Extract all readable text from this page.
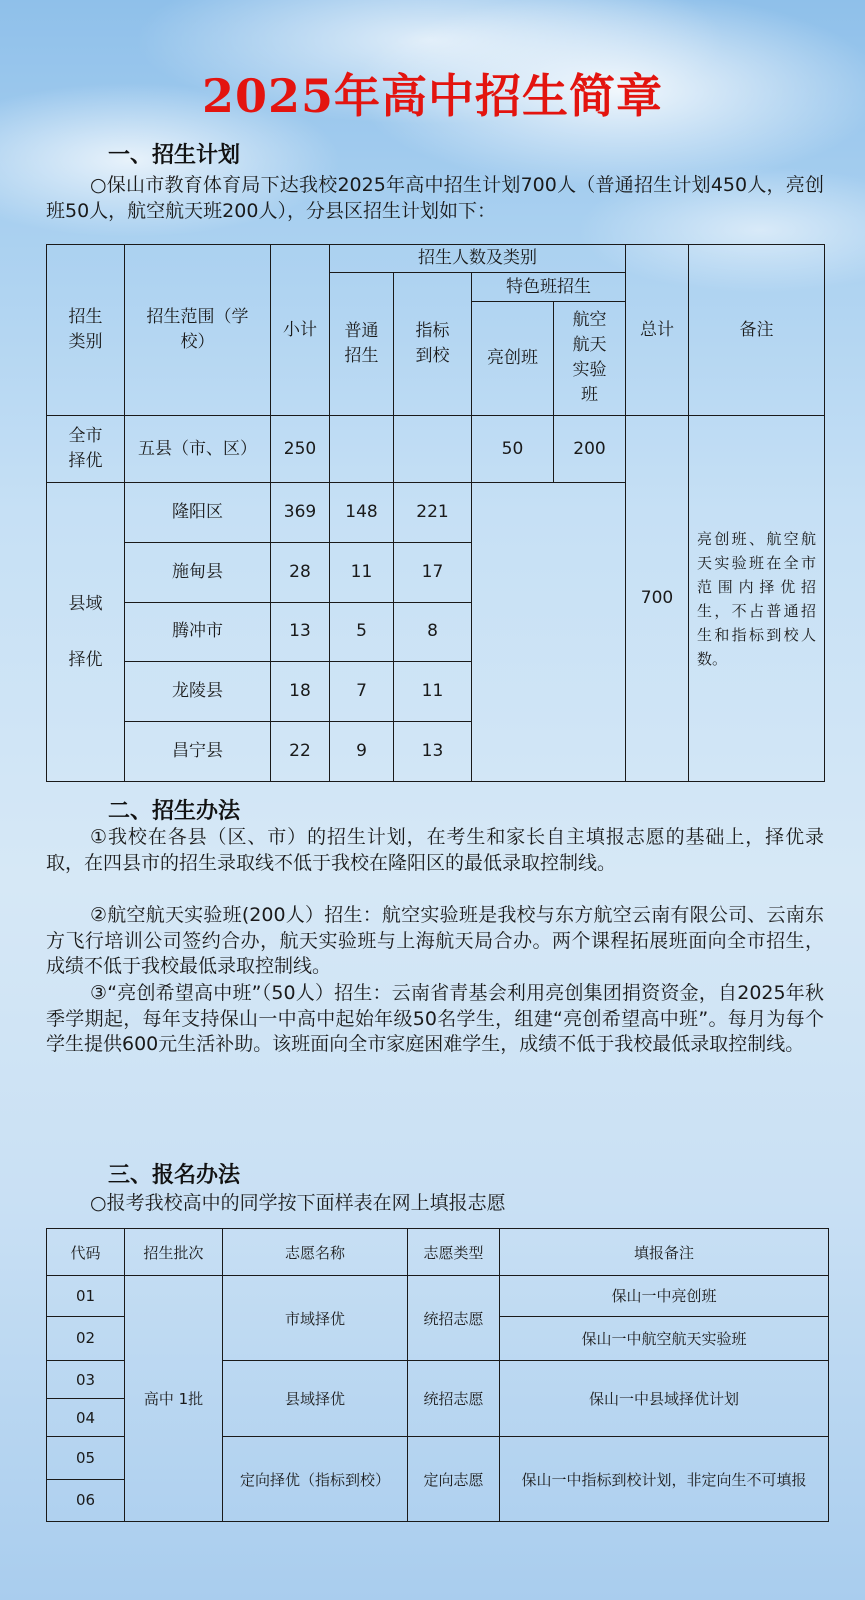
2025年高中招生简章
一、招生计划
○保山市教育体育局下达我校2025年高中招生计划700人（普通招生计划450人，亮创班50人，航空航天班200人），分县区招生计划如下：
招生类别	招生范围（学校）	小计	招生人数及类别				总计	备注
			普通招生	指标到校	特色班招生			
					亮创班	航空航天实验班		
全市择优	五县（市、区）	250			50	200	700	亮创班、航空航天实验班在全市范围内择优招生，不占普通招生和指标到校人数。
县域择优	隆阳区	369	148	221				
	施甸县	28	11	17				
	腾冲市	13	5	8				
	龙陵县	18	7	11				
	昌宁县	22	9	13				
二、招生办法
①我校在各县（区、市）的招生计划，在考生和家长自主填报志愿的基础上，择优录取，在四县市的招生录取线不低于我校在隆阳区的最低录取控制线。
②航空航天实验班(200人）招生：航空实验班是我校与东方航空云南有限公司、云南东方飞行培训公司签约合办，航天实验班与上海航天局合办。两个课程拓展班面向全市招生，成绩不低于我校最低录取控制线。
③“亮创希望高中班”（50人）招生：云南省青基会利用亮创集团捐资资金，自2025年秋季学期起，每年支持保山一中高中起始年级50名学生，组建“亮创希望高中班”。每月为每个学生提供600元生活补助。该班面向全市家庭困难学生，成绩不低于我校最低录取控制线。
三、报名办法
○报考我校高中的同学按下面样表在网上填报志愿
代码	招生批次	志愿名称	志愿类型	填报备注
01	高中 1批	市域择优	统招志愿	保山一中亮创班
02				保山一中航空航天实验班
03		县域择优	统招志愿	保山一中县域择优计划
04				
05		定向择优（指标到校）	定向志愿	保山一中指标到校计划，非定向生不可填报
06				
